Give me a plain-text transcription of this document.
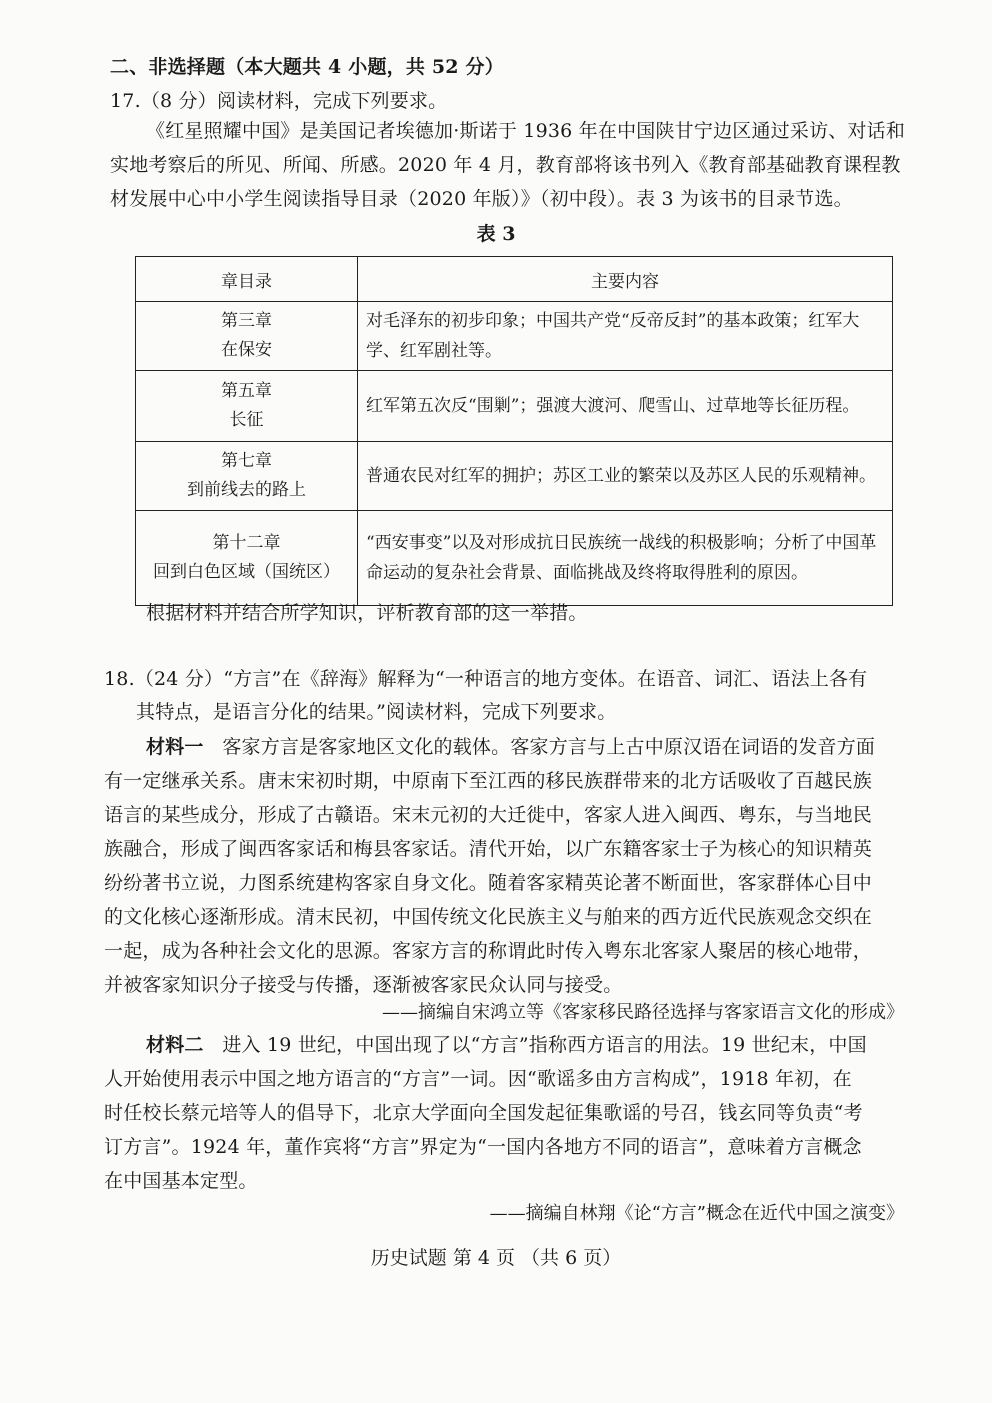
二、非选择题（本大题共 4 小题，共 52 分）
17.（8 分）阅读材料，完成下列要求。
《红星照耀中国》是美国记者埃德加·斯诺于 1936 年在中国陕甘宁边区通过采访、对话和
实地考察后的所见、所闻、所感。2020 年 4 月，教育部将该书列入《教育部基础教育课程教
材发展中心中小学生阅读指导目录（2020 年版）》（初中段）。表 3 为该书的目录节选。
表 3
章目录	主要内容

第三章
在保安	对毛泽东的初步印象；中国共产党“反帝反封”的基本政策；红军大学、红军剧社等。

第五章
长征	红军第五次反“围剿”；强渡大渡河、爬雪山、过草地等长征历程。

第七章
到前线去的路上	普通农民对红军的拥护；苏区工业的繁荣以及苏区人民的乐观精神。

第十二章
回到白色区域（国统区）	“西安事变”以及对形成抗日民族统一战线的积极影响；分析了中国革命运动的复杂社会背景、面临挑战及终将取得胜利的原因。
根据材料并结合所学知识，评析教育部的这一举措。
18.（24 分）“方言”在《辞海》解释为“一种语言的地方变体。在语音、词汇、语法上各有
其特点，是语言分化的结果。”阅读材料，完成下列要求。
材料一 客家方言是客家地区文化的载体。客家方言与上古中原汉语在词语的发音方面
有一定继承关系。唐末宋初时期，中原南下至江西的移民族群带来的北方话吸收了百越民族
语言的某些成分，形成了古赣语。宋末元初的大迁徙中，客家人进入闽西、粤东，与当地民
族融合，形成了闽西客家话和梅县客家话。清代开始，以广东籍客家士子为核心的知识精英
纷纷著书立说，力图系统建构客家自身文化。随着客家精英论著不断面世，客家群体心目中
的文化核心逐渐形成。清末民初，中国传统文化民族主义与舶来的西方近代民族观念交织在
一起，成为各种社会文化的思源。客家方言的称谓此时传入粤东北客家人聚居的核心地带，
并被客家知识分子接受与传播，逐渐被客家民众认同与接受。
——摘编自宋鸿立等《客家移民路径选择与客家语言文化的形成》
材料二 进入 19 世纪，中国出现了以“方言”指称西方语言的用法。19 世纪末，中国
人开始使用表示中国之地方语言的“方言”一词。因“歌谣多由方言构成”，1918 年初，在
时任校长蔡元培等人的倡导下，北京大学面向全国发起征集歌谣的号召，钱玄同等负责“考
订方言”。1924 年，董作宾将“方言”界定为“一国内各地方不同的语言”，意味着方言概念
在中国基本定型。
——摘编自林翔《论“方言”概念在近代中国之演变》
历史试题 第 4 页 （共 6 页）
